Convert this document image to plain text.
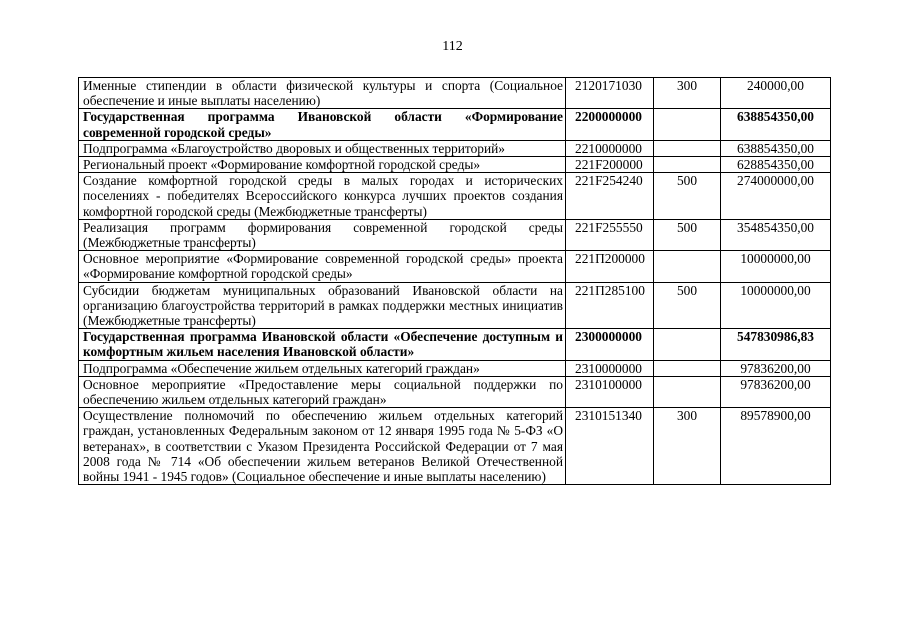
112
Именные стипендии в области физической культуры и спорта (Социальное обеспечение и иные выплаты населению)	2120171030	300	240000,00
Государственная программа Ивановской области «Формирование современной городской среды»	2200000000		638854350,00
Подпрограмма «Благоустройство дворовых и общественных территорий»	2210000000		638854350,00
Региональный проект «Формирование комфортной городской среды»	221F200000		628854350,00
Создание комфортной городской среды в малых городах и исторических поселениях - победителях Всероссийского конкурса лучших проектов создания комфортной городской среды (Межбюджетные трансферты)	221F254240	500	274000000,00
Реализация программ формирования современной городской среды (Межбюджетные трансферты)	221F255550	500	354854350,00
Основное мероприятие «Формирование современной городской среды» проекта «Формирование комфортной городской среды»	221П200000		10000000,00
Субсидии бюджетам муниципальных образований Ивановской области на организацию благоустройства территорий в рамках поддержки местных инициатив (Межбюджетные трансферты)	221П285100	500	10000000,00
Государственная программа Ивановской области «Обеспечение доступным и комфортным жильем населения Ивановской области»	2300000000		547830986,83
Подпрограмма «Обеспечение жильем отдельных категорий граждан»	2310000000		97836200,00
Основное мероприятие «Предоставление меры социальной поддержки по обеспечению жильем отдельных категорий граждан»	2310100000		97836200,00
Осуществление полномочий по обеспечению жильем отдельных категорий граждан, установленных Федеральным законом от 12 января 1995 года № 5-ФЗ «О ветеранах», в соответствии с Указом Президента Российской Федерации от 7 мая 2008 года № 714 «Об обеспечении жильем ветеранов Великой Отечественной войны 1941 - 1945 годов» (Социальное обеспечение и иные выплаты населению)	2310151340	300	89578900,00
